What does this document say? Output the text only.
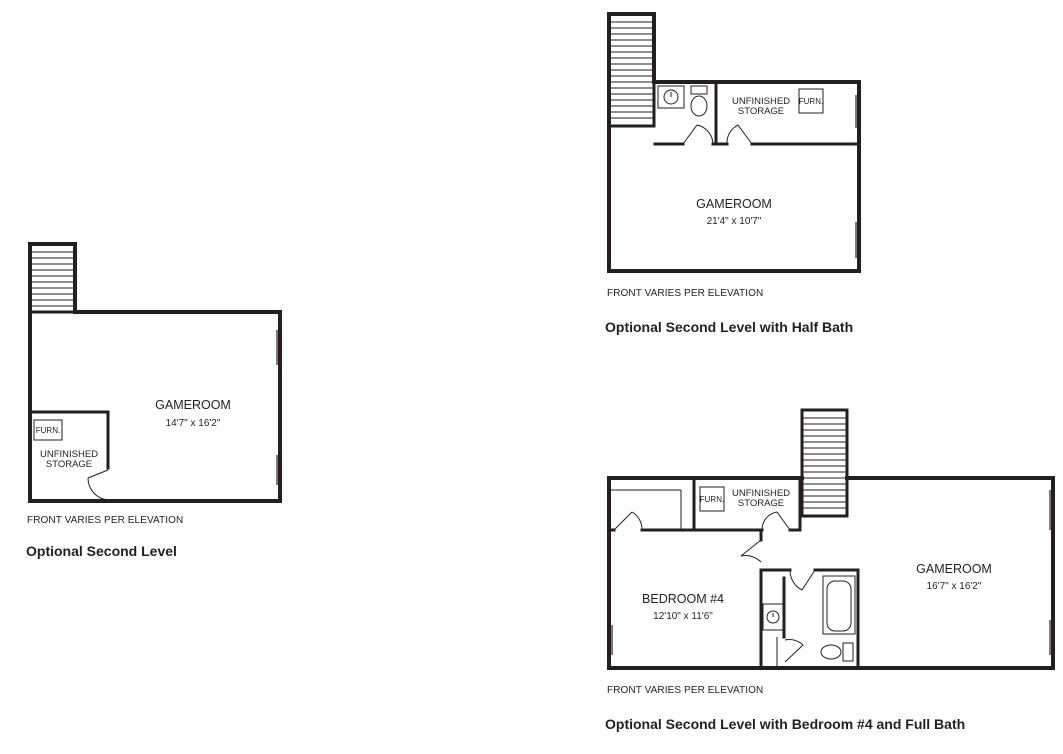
FURN.
UNFINISHED
STORAGE
GAMEROOM
14'7" x 16'2"
FURN.
UNFINISHED
STORAGE
GAMEROOM
21'4" x 10'7"
FURN.
UNFINISHED
STORAGE
BEDROOM #4
12'10" x 11'6"
GAMEROOM
16'7" x 16'2"
FRONT VARIES PER ELEVATION
Optional Second Level
FRONT VARIES PER ELEVATION
Optional Second Level with Half Bath
FRONT VARIES PER ELEVATION
Optional Second Level with Bedroom #4 and Full Bath
